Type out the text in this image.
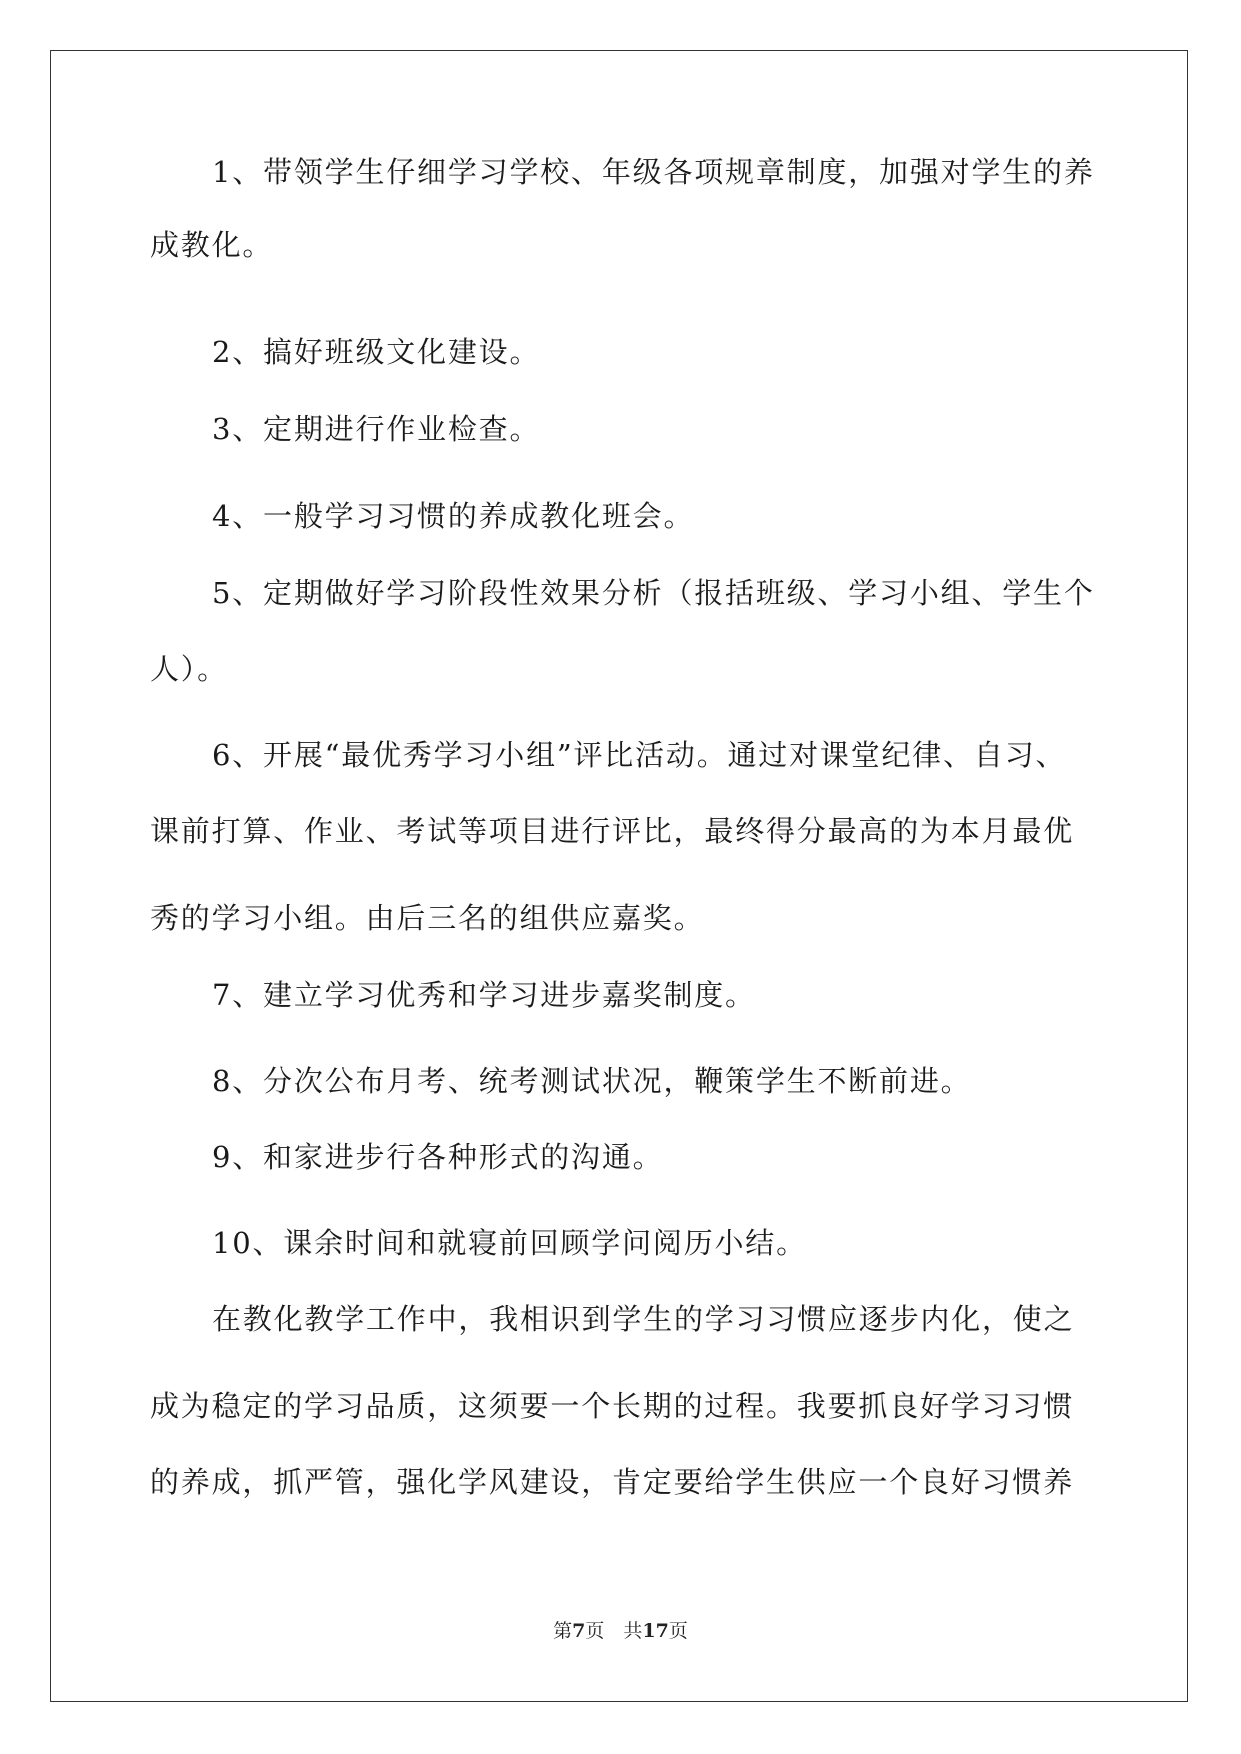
1、带领学生仔细学习学校、年级各项规章制度，加强对学生的养
成教化。
2、搞好班级文化建设。
3、定期进行作业检查。
4、一般学习习惯的养成教化班会。
5、定期做好学习阶段性效果分析（报括班级、学习小组、学生个
人）。
6、开展“最优秀学习小组”评比活动。通过对课堂纪律、自习、
课前打算、作业、考试等项目进行评比，最终得分最高的为本月最优
秀的学习小组。由后三名的组供应嘉奖。
7、建立学习优秀和学习进步嘉奖制度。
8、分次公布月考、统考测试状况，鞭策学生不断前进。
9、和家进步行各种形式的沟通。
10、课余时间和就寝前回顾学问阅历小结。
在教化教学工作中，我相识到学生的学习习惯应逐步内化，使之
成为稳定的学习品质，这须要一个长期的过程。我要抓良好学习习惯
的养成，抓严管，强化学风建设，肯定要给学生供应一个良好习惯养
第7页　共17页
